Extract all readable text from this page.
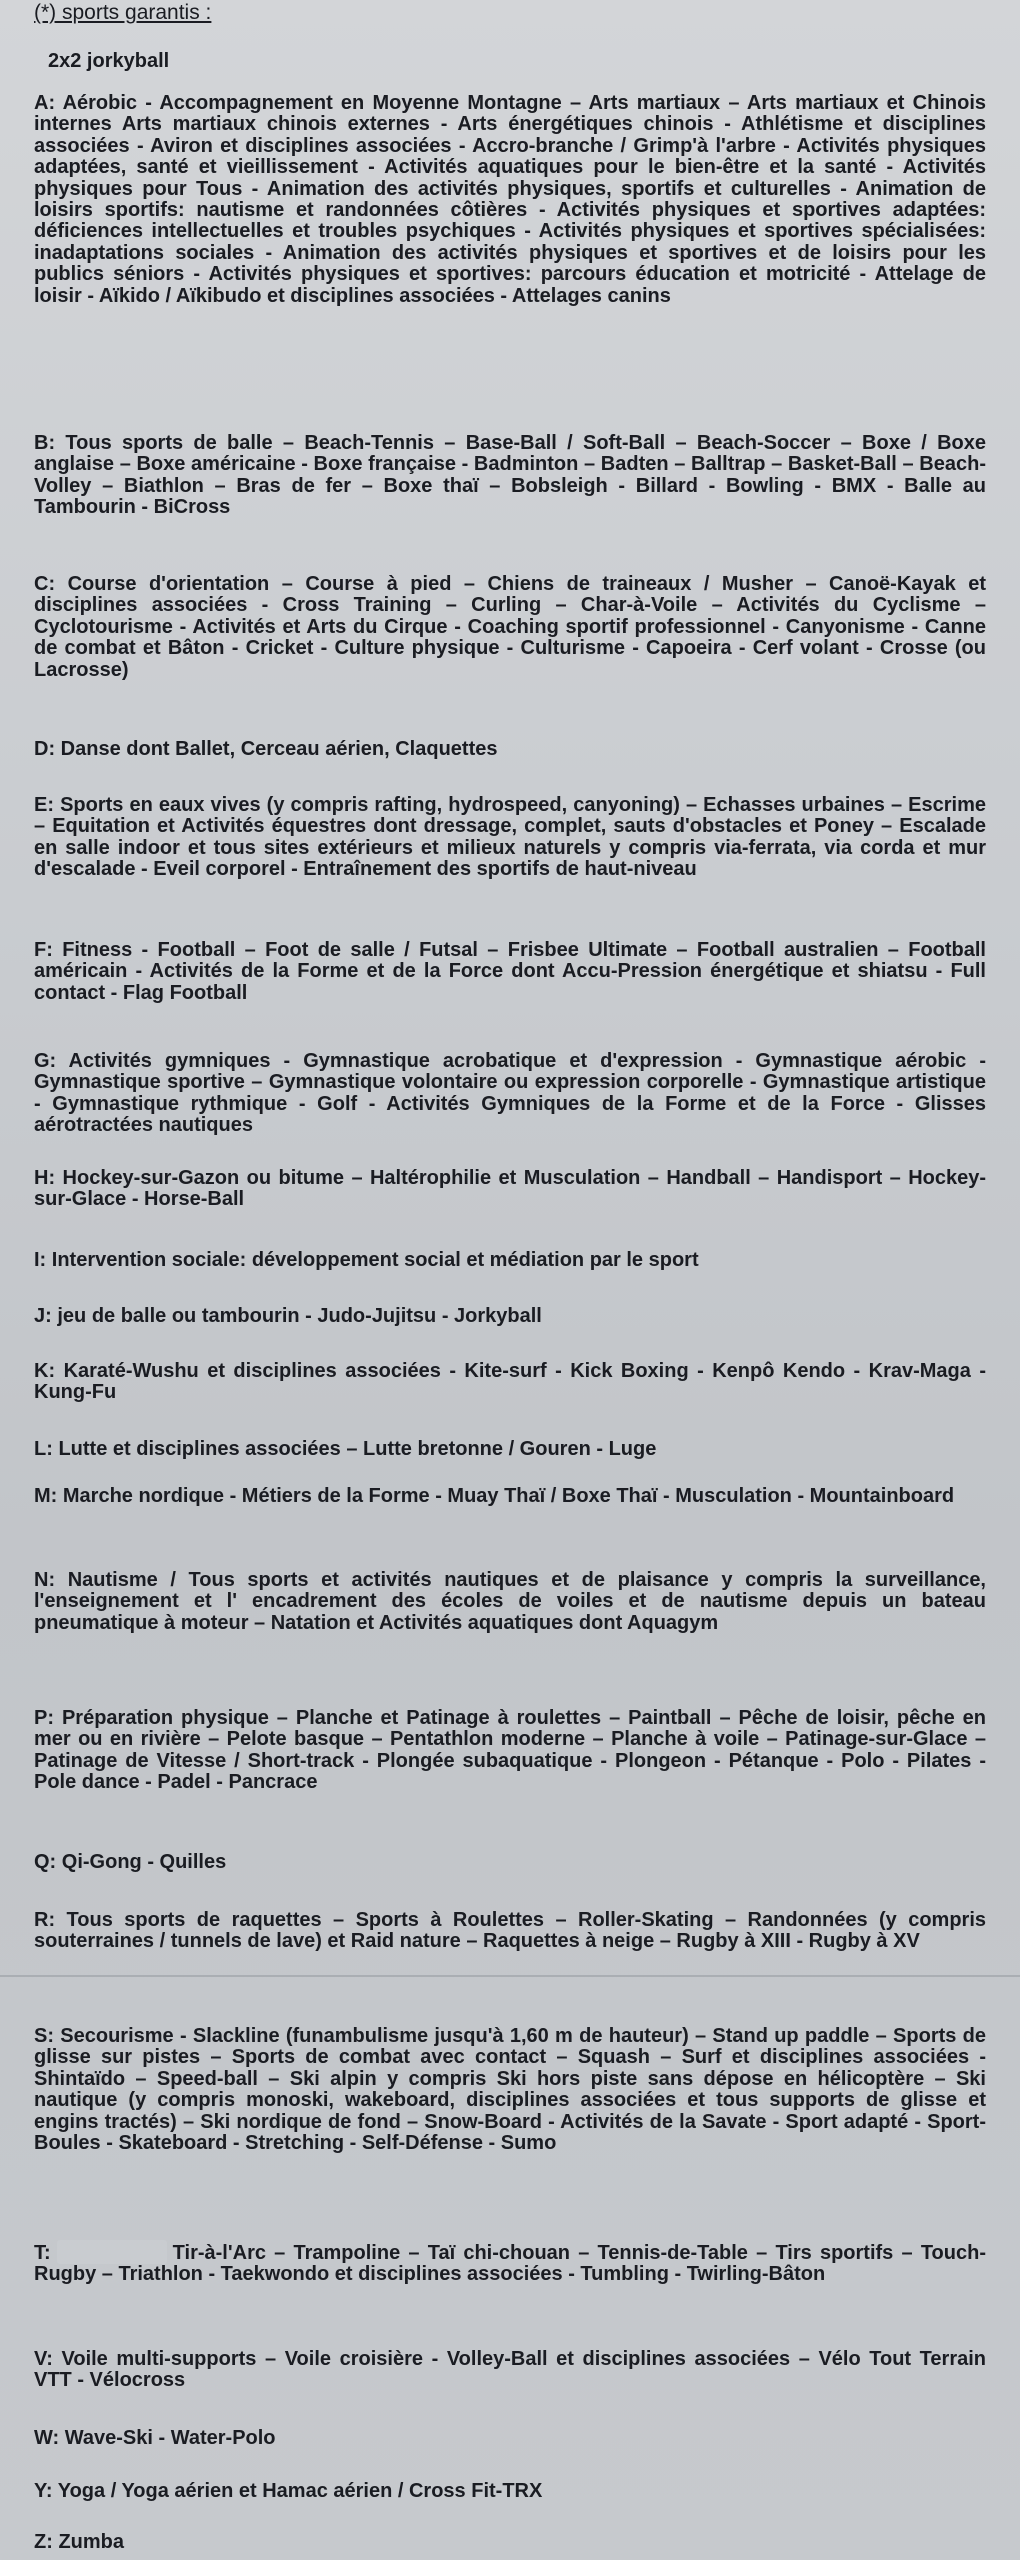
(*) sports garantis :

2x2 jorkyball

A: Aérobic - Accompagnement en Moyenne Montagne – Arts martiaux – Arts martiaux et Chinois internes Arts martiaux chinois externes - Arts énergétiques chinois - Athlétisme et disciplines associées - Aviron et disciplines associées - Accro-branche / Grimp'à l'arbre - Activités physiques adaptées, santé et vieillissement - Activités aquatiques pour le bien-être et la santé - Activités physiques pour Tous - Animation des activités physiques, sportifs et culturelles - Animation de loisirs sportifs: nautisme et randonnées côtières - Activités physiques et sportives adaptées: déficiences intellectuelles et troubles psychiques - Activités physiques et sportives spécialisées: inadaptations sociales - Animation des activités physiques et sportives et de loisirs pour les publics séniors - Activités physiques et sportives: parcours éducation et motricité - Attelage de loisir - Aïkido / Aïkibudo et disciplines associées - Attelages canins

B: Tous sports de balle – Beach-Tennis – Base-Ball / Soft-Ball – Beach-Soccer – Boxe / Boxe anglaise – Boxe américaine - Boxe française - Badminton – Badten – Balltrap – Basket-Ball – Beach-Volley – Biathlon – Bras de fer – Boxe thaï – Bobsleigh - Billard - Bowling - BMX - Balle au Tambourin - BiCross

C: Course d'orientation – Course à pied – Chiens de traineaux / Musher – Canoë-Kayak et disciplines associées - Cross Training – Curling – Char-à-Voile – Activités du Cyclisme – Cyclotourisme - Activités et Arts du Cirque - Coaching sportif professionnel - Canyonisme - Canne de combat et Bâton - Cricket - Culture physique - Culturisme - Capoeira - Cerf volant - Crosse (ou Lacrosse)

D: Danse dont Ballet, Cerceau aérien, Claquettes

E: Sports en eaux vives (y compris rafting, hydrospeed, canyoning) – Echasses urbaines – Escrime – Equitation et Activités équestres dont dressage, complet, sauts d'obstacles et Poney – Escalade en salle indoor et tous sites extérieurs et milieux naturels y compris via-ferrata, via corda et mur d'escalade - Eveil corporel - Entraînement des sportifs de haut-niveau

F: Fitness - Football – Foot de salle / Futsal – Frisbee Ultimate – Football australien – Football américain - Activités de la Forme et de la Force dont Accu-Pression énergétique et shiatsu - Full contact - Flag Football

G: Activités gymniques - Gymnastique acrobatique et d'expression - Gymnastique aérobic - Gymnastique sportive – Gymnastique volontaire ou expression corporelle - Gymnastique artistique - Gymnastique rythmique - Golf - Activités Gymniques de la Forme et de la Force - Glisses aérotractées nautiques

H: Hockey-sur-Gazon ou bitume – Haltérophilie et Musculation – Handball – Handisport – Hockey-sur-Glace - Horse-Ball

I: Intervention sociale: développement social et médiation par le sport

J: jeu de balle ou tambourin - Judo-Jujitsu - Jorkyball

K: Karaté-Wushu et disciplines associées - Kite-surf - Kick Boxing - Kenpô Kendo - Krav-Maga - Kung-Fu

L: Lutte et disciplines associées – Lutte bretonne / Gouren - Luge

M: Marche nordique - Métiers de la Forme - Muay Thaï / Boxe Thaï - Musculation - Mountainboard

N: Nautisme / Tous sports et activités nautiques et de plaisance y compris la surveillance, l'enseignement et l' encadrement des écoles de voiles et de nautisme depuis un bateau pneumatique à moteur – Natation et Activités aquatiques dont Aquagym

P: Préparation physique – Planche et Patinage à roulettes – Paintball – Pêche de loisir, pêche en mer ou en rivière – Pelote basque – Pentathlon moderne – Planche à voile – Patinage-sur-Glace – Patinage de Vitesse / Short-track - Plongée subaquatique - Plongeon - Pétanque - Polo - Pilates - Pole dance - Padel - Pancrace

Q: Qi-Gong - Quilles

R: Tous sports de raquettes – Sports à Roulettes – Roller-Skating – Randonnées (y compris souterraines / tunnels de lave) et Raid nature – Raquettes à neige – Rugby à XIII - Rugby à XV

S: Secourisme - Slackline (funambulisme jusqu'à 1,60 m de hauteur) – Stand up paddle – Sports de glisse sur pistes – Sports de combat avec contact – Squash – Surf et disciplines associées - Shintaïdo – Speed-ball – Ski alpin y compris Ski hors piste sans dépose en hélicoptère – Ski nautique (y compris monoski, wakeboard, disciplines associées et tous supports de glisse et engins tractés) – Ski nordique de fond – Snow-Board - Activités de la Savate - Sport adapté - Sport-Boules - Skateboard - Stretching - Self-Défense - Sumo

T:	Tir-à-l'Arc – Trampoline – Taï chi-chouan – Tennis-de-Table – Tirs sportifs – Touch-Rugby – Triathlon - Taekwondo et disciplines associées - Tumbling - Twirling-Bâton

V: Voile multi-supports – Voile croisière - Volley-Ball et disciplines associées – Vélo Tout Terrain VTT - Vélocross

W: Wave-Ski - Water-Polo

Y: Yoga / Yoga aérien et Hamac aérien / Cross Fit-TRX

Z: Zumba
